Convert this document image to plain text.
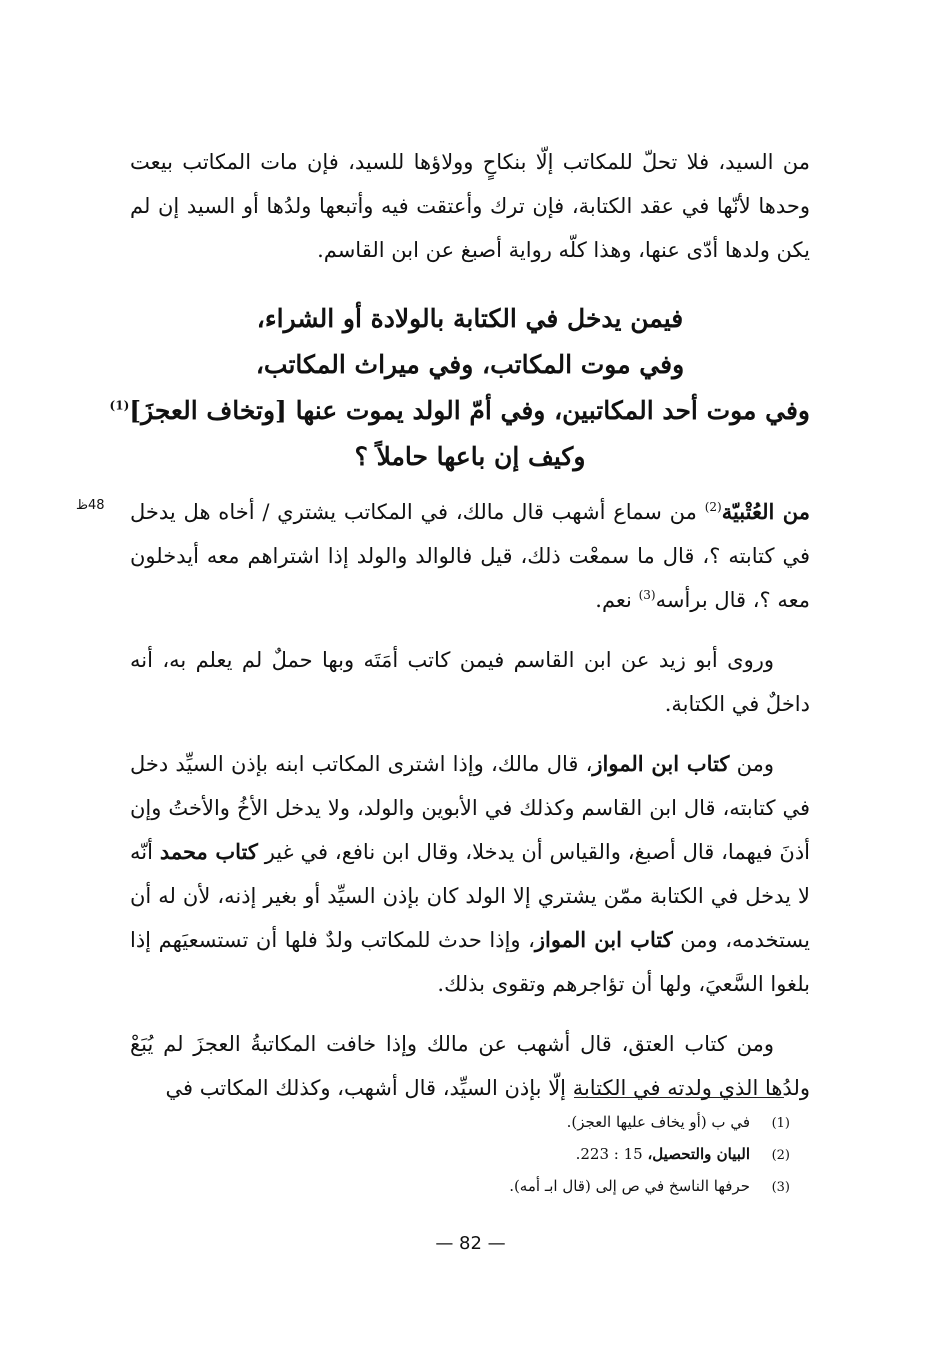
من السيد، فلا تحلّ للمكاتب إلّا بنكاحٍ وولاؤها للسيد، فإن مات المكاتب بيعت وحدها لأنّها في عقد الكتابة، فإن ترك وأعتقت فيه وأتبعها ولدُها أو السيد إن لم يكن ولدها أدّى عنها، وهذا كلّه رواية أصبغ عن ابن القاسم.

فيمن يدخل في الكتابة بالولادة أو الشراء،
وفي موت المكاتب، وفي ميراث المكاتب،
وفي موت أحد المكاتبين، وفي أمّ الولد يموت عنها [وتخاف العجزَ]$^{(1)}$
وكيف إن باعها حاملاً ؟
48ظ	من العُتْبيّة$^{(2)}$ من سماع أشهب قال مالك، في المكاتب يشتري / أخاه هل يدخل في كتابته ؟، قال ما سمعْت ذلك، قيل فالوالد والولد إذا اشتراهم معه أيدخلون معه ؟، قال برأسه$^{(3)}$ نعم.

وروى أبو زيد عن ابن القاسم فيمن كاتب أمَتَه وبها حملٌ لم يعلم به، أنه داخلٌ في الكتابة.

ومن كتاب ابن المواز، قال مالك، وإذا اشترى المكاتب ابنه بإذن السيِّد دخل في كتابته، قال ابن القاسم وكذلك في الأبوين والولد، ولا يدخل الأخُ والأختُ وإن أذنَ فيهما، قال أصبغ، والقياس أن يدخلا، وقال ابن نافع، في غير كتاب محمد أنّه لا يدخل في الكتابة ممّن يشتري إلا الولد كان بإذن السيِّد أو بغير إذنه، لأن له أن يستخدمه، ومن كتاب ابن المواز، وإذا حدث للمكاتب ولدٌ فلها أن تستسعيَهم إذا بلغوا السَّعيَ، ولها أن تؤاجرهم وتقوى بذلك.

ومن كتاب العتق، قال أشهب عن مالك وإذا خافت المكاتبةُ العجزَ لم يُبَعْ ولدُها الذي ولدته في الكتابة إلّا بإذن السيِّد، قال أشهب، وكذلك المكاتب في

(1)في ب (أو يخاف عليها العجز).
(2)البيان والتحصيل، 15 : 223.
(3)حرفها الناسخ في ص إلى (قال ابـ أمه).
— 82 —
